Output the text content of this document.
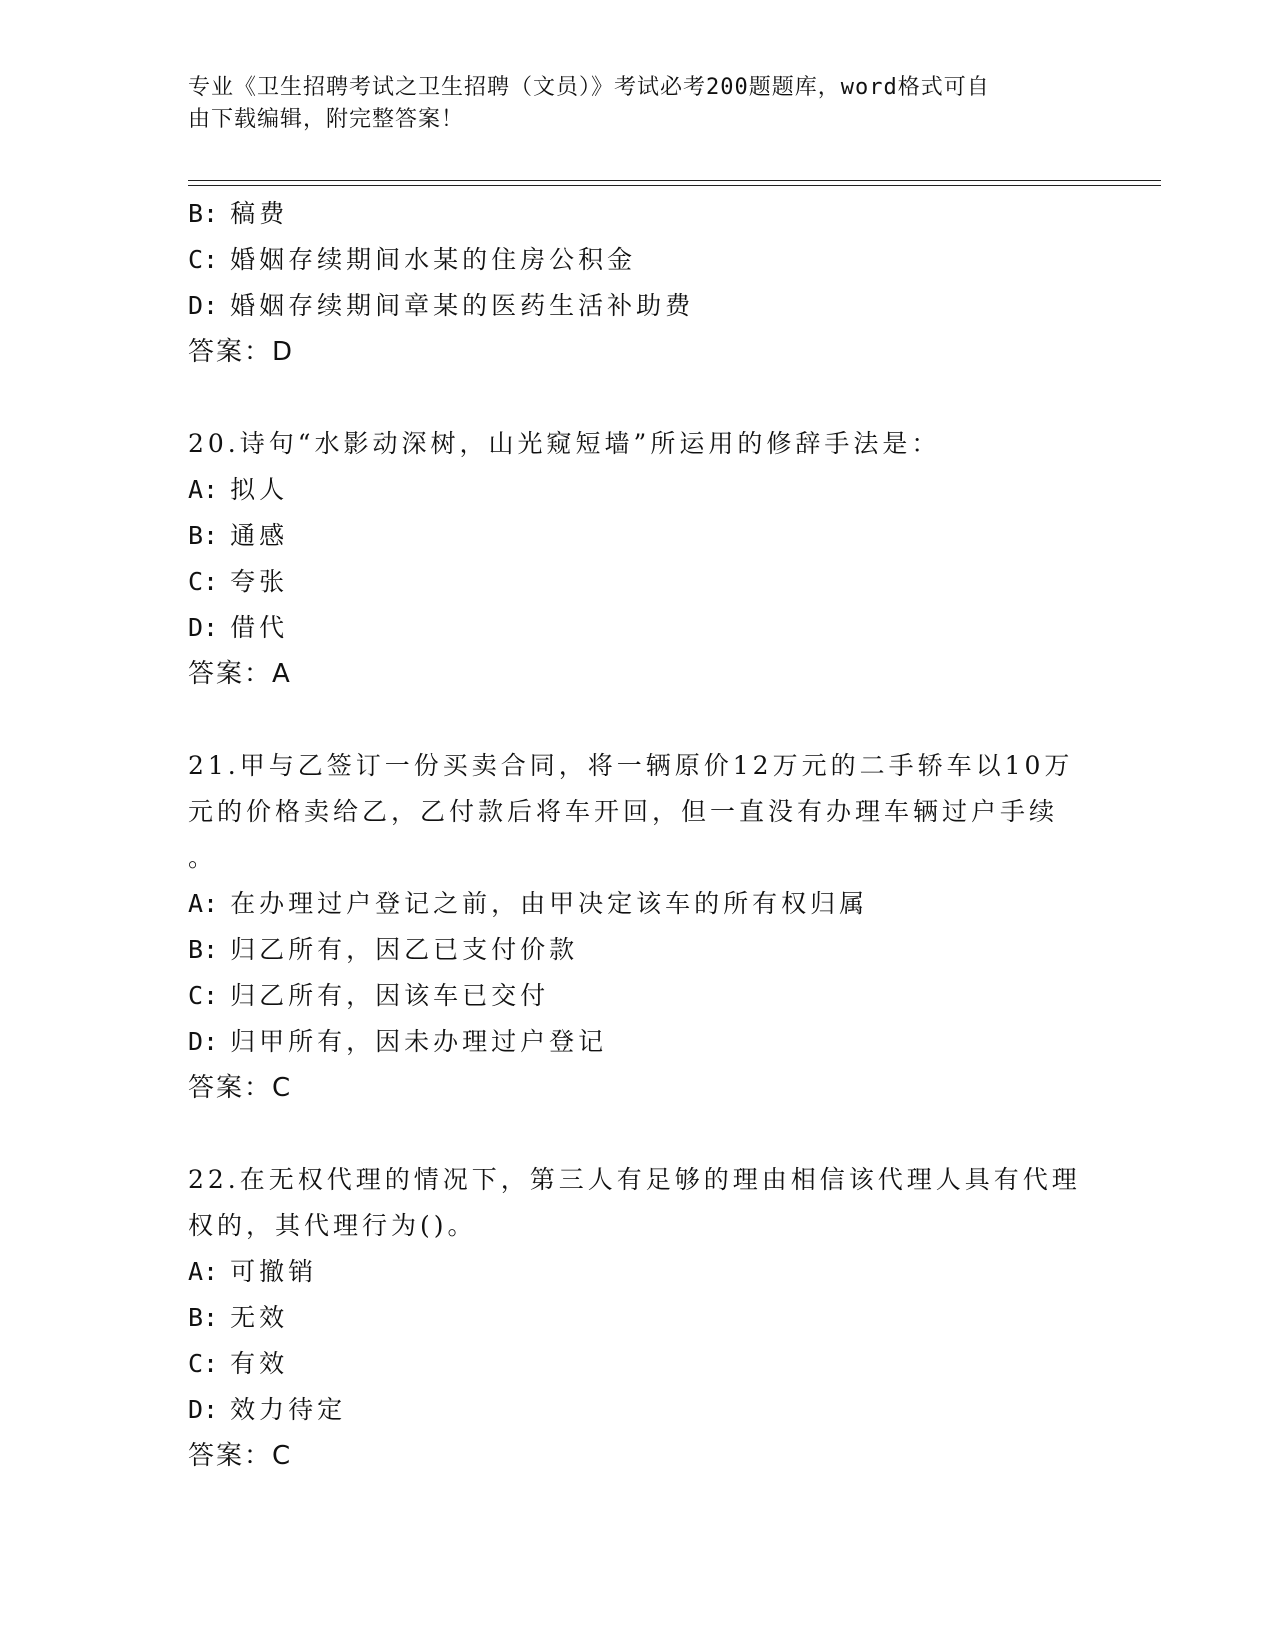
专业《卫生招聘考试之卫生招聘（文员）》考试必考200题题库，word格式可自
由下载编辑，附完整答案！
B: 稿费
C: 婚姻存续期间水某的住房公积金
D: 婚姻存续期间章某的医药生活补助费
答案：D
20.诗句“水影动深树，山光窥短墙”所运用的修辞手法是：
A: 拟人
B: 通感
C: 夸张
D: 借代
答案：A
21.甲与乙签订一份买卖合同，将一辆原价12万元的二手轿车以10万
元的价格卖给乙，乙付款后将车开回，但一直没有办理车辆过户手续
。
A: 在办理过户登记之前，由甲决定该车的所有权归属
B: 归乙所有，因乙已支付价款
C: 归乙所有，因该车已交付
D: 归甲所有，因未办理过户登记
答案：C
22.在无权代理的情况下，第三人有足够的理由相信该代理人具有代理
权的，其代理行为()。
A: 可撤销
B: 无效
C: 有效
D: 效力待定
答案：C
